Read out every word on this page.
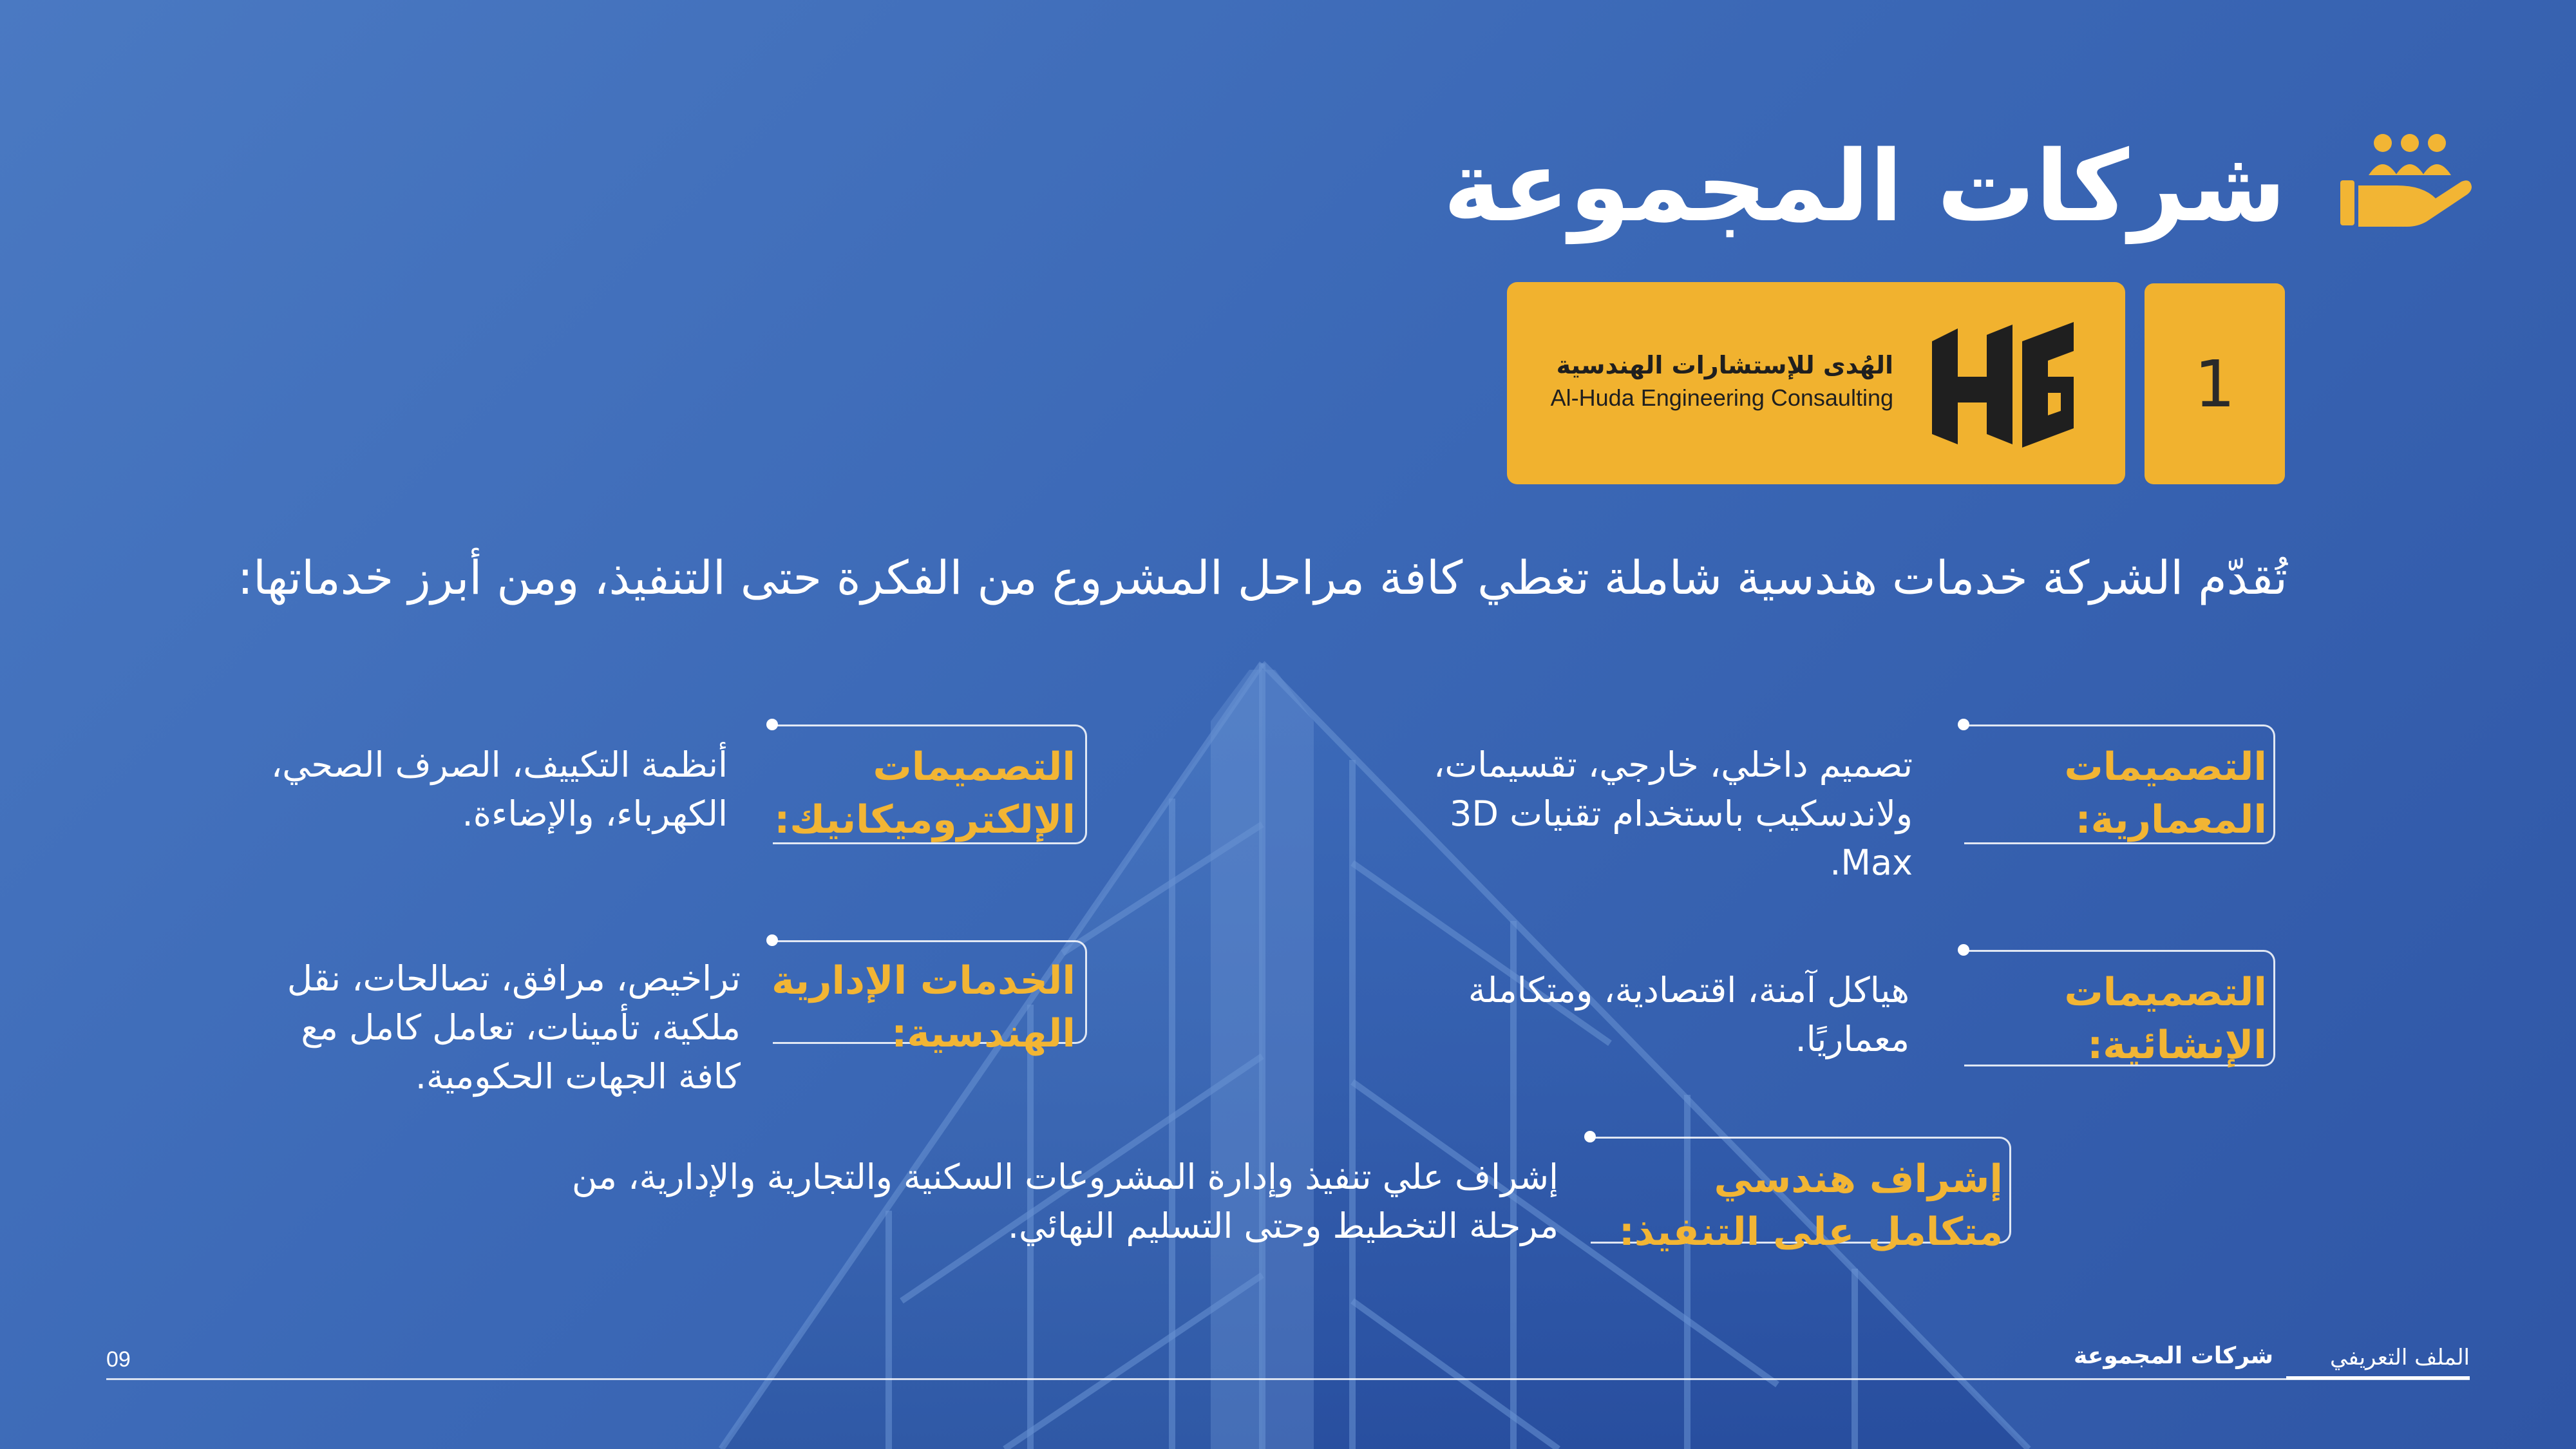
شركات المجموعة
1
الهُدى للإستشارات الهندسية
Al-Huda Engineering Consaulting
تُقدّم الشركة خدمات هندسية شاملة تغطي كافة مراحل المشروع من الفكرة حتى التنفيذ، ومن أبرز خدماتها:
التصميمات المعمارية:
تصميم داخلي، خارجي، تقسيمات، ولاندسكيب باستخدام تقنيات 3D Max.
التصميمات الإلكتروميكانيك:
أنظمة التكييف، الصرف الصحي، الكهرباء، والإضاءة.
التصميمات الإنشائية:
هياكل آمنة، اقتصادية، ومتكاملة معماريًا.
الخدمات الإدارية الهندسية:
تراخيص، مرافق، تصالحات، نقل ملكية، تأمينات، تعامل كامل مع كافة الجهات الحكومية.
إشراف هندسي متكامل على التنفيذ:
إشراف علي تنفيذ وإدارة المشروعات السكنية والتجارية والإدارية، من مرحلة التخطيط وحتى التسليم النهائي.
09	شركات المجموعة	الملف التعريفي
